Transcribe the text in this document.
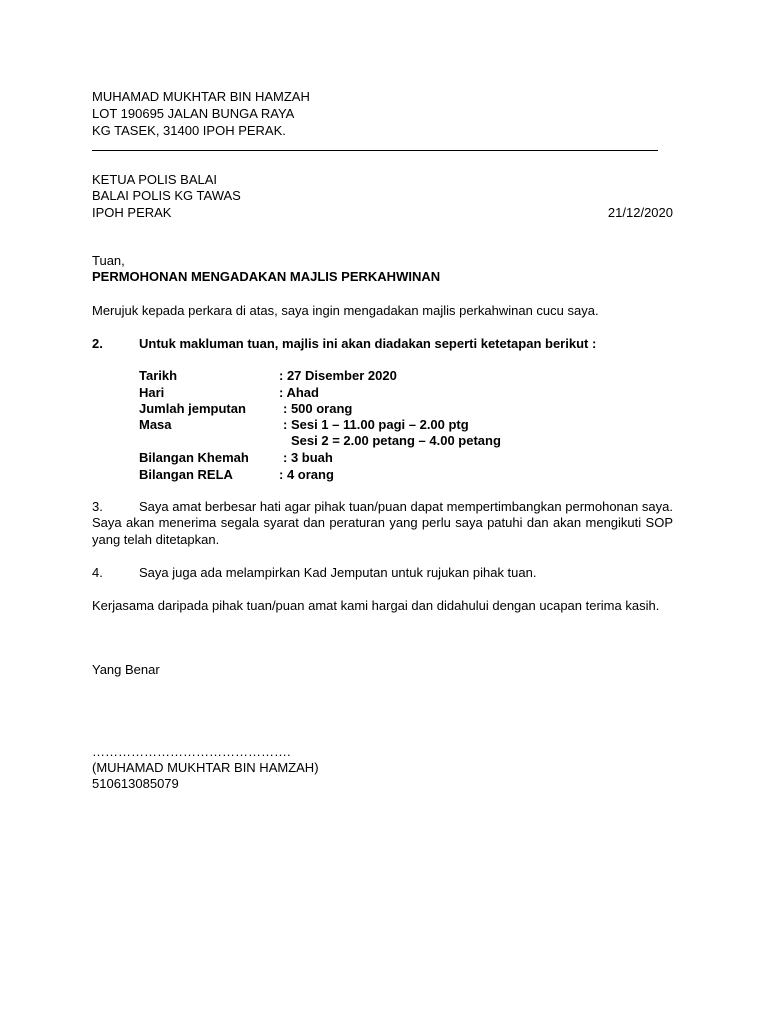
MUHAMAD MUKHTAR BIN HAMZAH
LOT 190695 JALAN BUNGA RAYA
KG TASEK, 31400 IPOH PERAK.
KETUA POLIS BALAI
BALAI POLIS KG TAWAS
IPOH PERAK	21/12/2020
Tuan,
PERMOHONAN MENGADAKAN MAJLIS PERKAHWINAN
Merujuk kepada perkara di atas, saya ingin mengadakan majlis perkahwinan cucu saya.
2.	Untuk makluman tuan, majlis ini akan diadakan seperti ketetapan berikut :
Tarikh	: 27 Disember 2020
Hari	: Ahad
Jumlah jemputan	: 500 orang
Masa	: Sesi 1 – 11.00 pagi – 2.00 ptg
Sesi 2 = 2.00 petang – 4.00 petang
Bilangan Khemah	: 3 buah
Bilangan RELA	: 4 orang
3.	Saya amat berbesar hati agar pihak tuan/puan dapat mempertimbangkan permohonan saya.
Saya akan menerima segala syarat dan peraturan yang perlu saya patuhi dan akan mengikuti SOP
yang telah ditetapkan.
4.	Saya juga ada melampirkan Kad Jemputan untuk rujukan pihak tuan.
Kerjasama daripada pihak tuan/puan amat kami hargai dan didahului dengan ucapan terima kasih.
Yang Benar
……………………………………….
(MUHAMAD MUKHTAR BIN HAMZAH)
510613085079
